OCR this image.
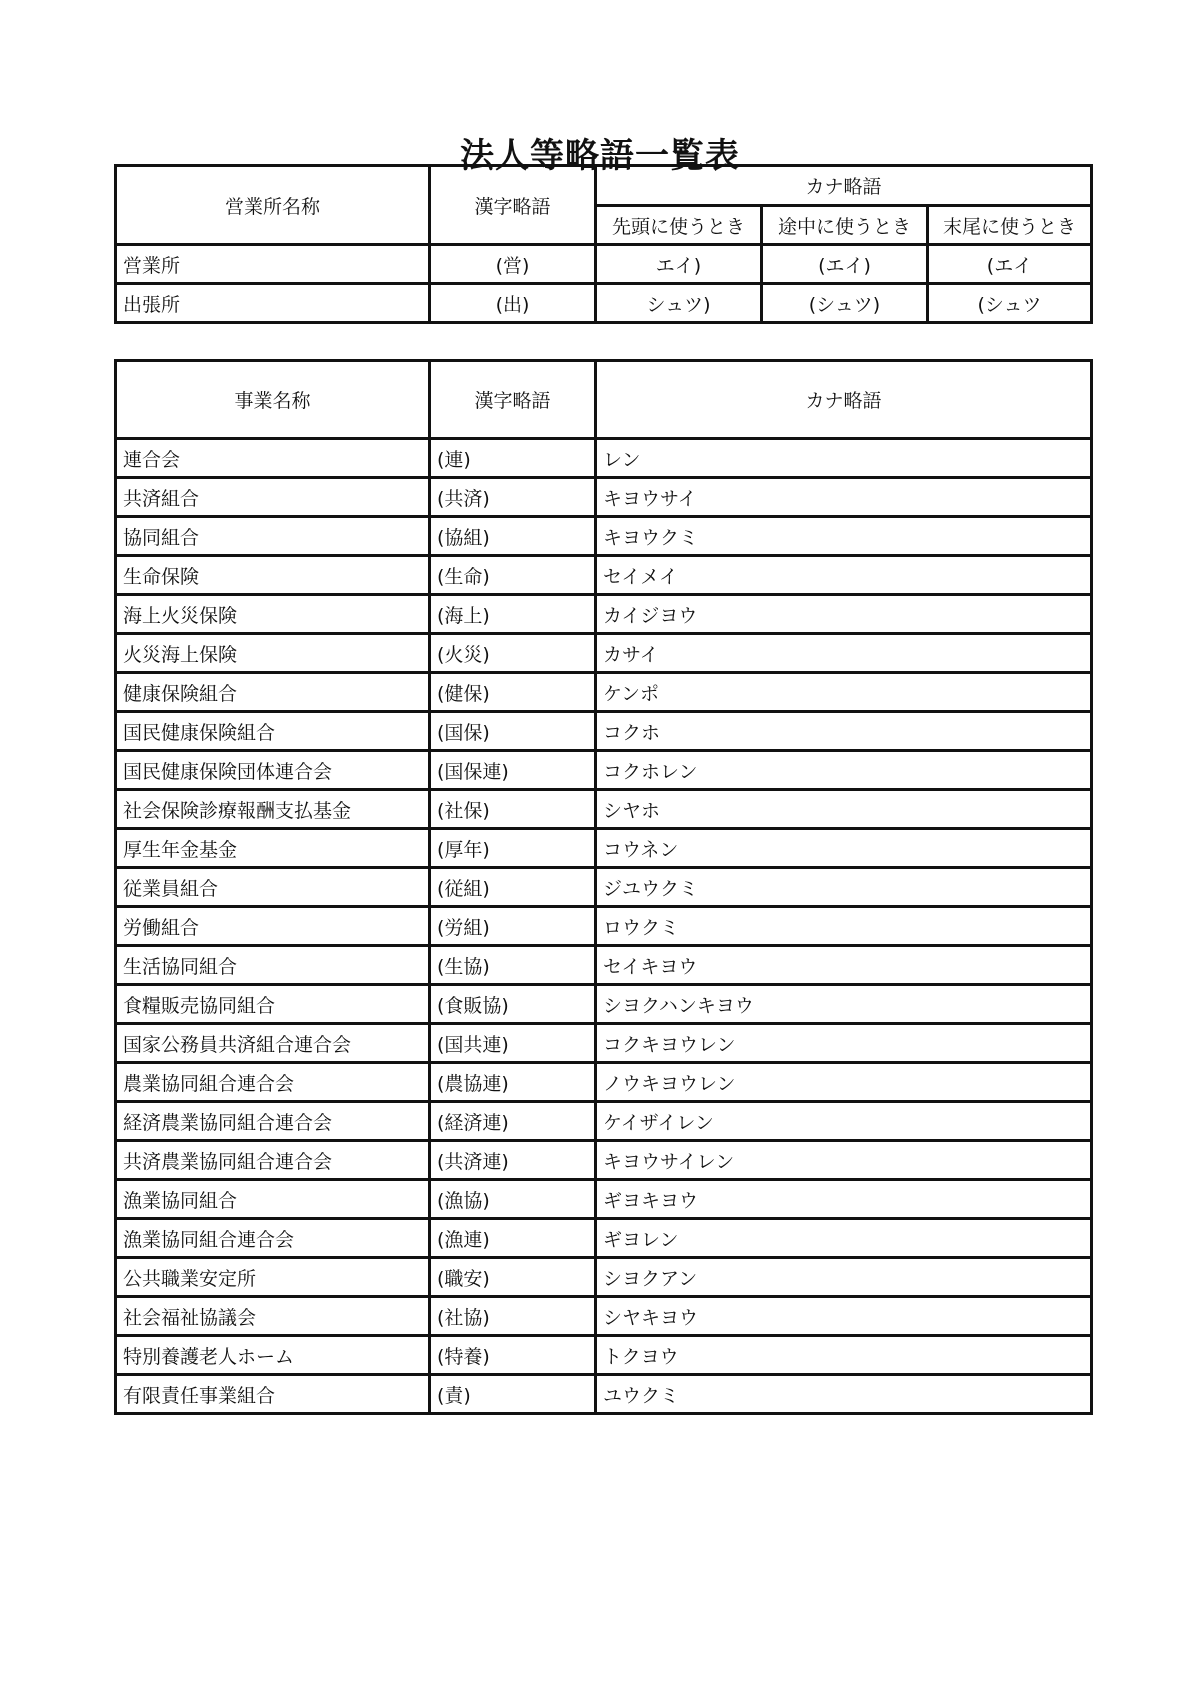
法人等略語一覧表
営業所名称	漢字略語	カナ略語		
		先頭に使うとき	途中に使うとき	末尾に使うとき
営業所	(営)	エイ)	(エイ)	(エイ
出張所	(出)	シュツ)	(シュツ)	(シュツ
事業名称	漢字略語	カナ略語
連合会	(連)	レン
共済組合	(共済)	キヨウサイ
協同組合	(協組)	キヨウクミ
生命保険	(生命)	セイメイ
海上火災保険	(海上)	カイジヨウ
火災海上保険	(火災)	カサイ
健康保険組合	(健保)	ケンポ
国民健康保険組合	(国保)	コクホ
国民健康保険団体連合会	(国保連)	コクホレン
社会保険診療報酬支払基金	(社保)	シヤホ
厚生年金基金	(厚年)	コウネン
従業員組合	(従組)	ジユウクミ
労働組合	(労組)	ロウクミ
生活協同組合	(生協)	セイキヨウ
食糧販売協同組合	(食販協)	シヨクハンキヨウ
国家公務員共済組合連合会	(国共連)	コクキヨウレン
農業協同組合連合会	(農協連)	ノウキヨウレン
経済農業協同組合連合会	(経済連)	ケイザイレン
共済農業協同組合連合会	(共済連)	キヨウサイレン
漁業協同組合	(漁協)	ギヨキヨウ
漁業協同組合連合会	(漁連)	ギヨレン
公共職業安定所	(職安)	シヨクアン
社会福祉協議会	(社協)	シヤキヨウ
特別養護老人ホーム	(特養)	トクヨウ
有限責任事業組合	(責)	ユウクミ
